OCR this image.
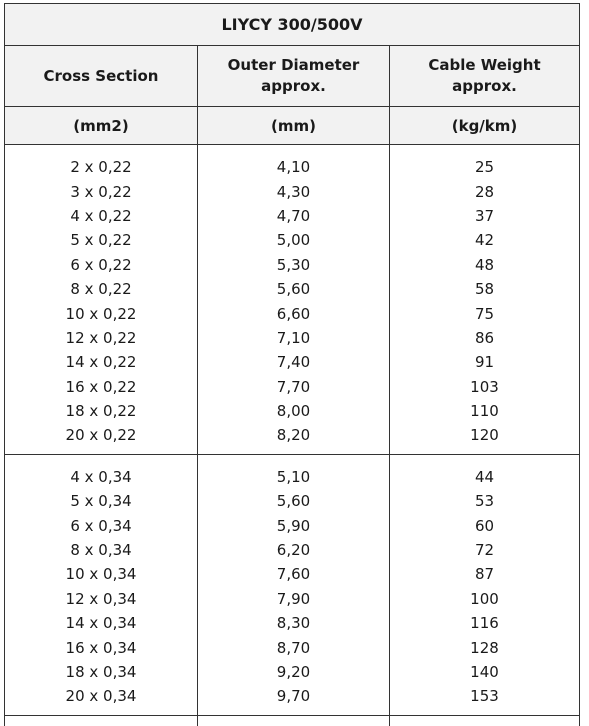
LIYCY 300/500V
Cross Section
Outer Diameter
approx.
Cable Weight
approx.
(mm2)	(mm)	(kg/km)
2 x 0,22
3 x 0,22
4 x 0,22
5 x 0,22
6 x 0,22
8 x 0,22
10 x 0,22
12 x 0,22
14 x 0,22
16 x 0,22
18 x 0,22
20 x 0,22
4,10
4,30
4,70
5,00
5,30
5,60
6,60
7,10
7,40
7,70
8,00
8,20
25
28
37
42
48
58
75
86
91
103
110
120
4 x 0,34
5 x 0,34
6 x 0,34
8 x 0,34
10 x 0,34
12 x 0,34
14 x 0,34
16 x 0,34
18 x 0,34
20 x 0,34
5,10
5,60
5,90
6,20
7,60
7,90
8,30
8,70
9,20
9,70
44
53
60
72
87
100
116
128
140
153
